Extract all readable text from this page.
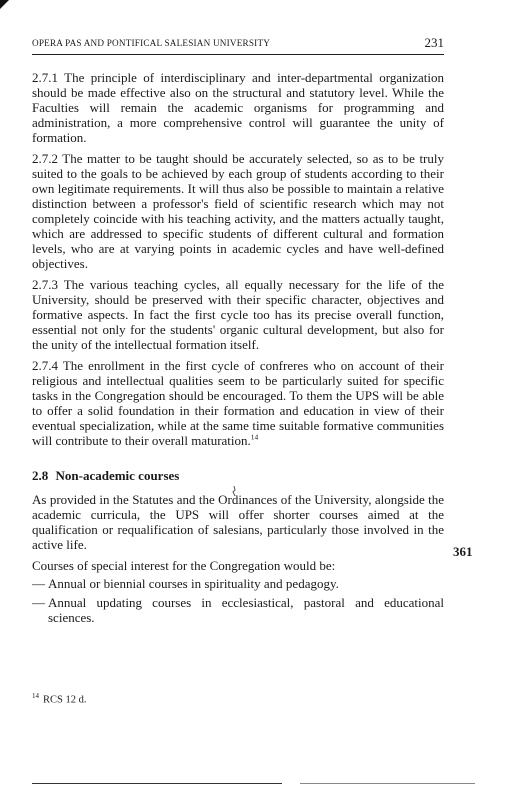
OPERA PAS AND PONTIFICAL SALESIAN UNIVERSITY	231

2.7.1 The principle of interdisciplinary and inter-departmental organization should be made effective also on the structural and statutory level. While the Faculties will remain the academic organisms for programming and administration, a more comprehensive control will guarantee the unity of formation.

2.7.2 The matter to be taught should be accurately selected, so as to be truly suited to the goals to be achieved by each group of students according to their own legitimate requirements. It will thus also be possible to maintain a relative distinction between a professor's field of scientific research which may not completely coincide with his teaching activity, and the matters actually taught, which are addressed to specific students of different cultural and formation levels, who are at varying points in academic cycles and have well-defined objectives.

2.7.3 The various teaching cycles, all equally necessary for the life of the University, should be preserved with their specific character, objectives and formative aspects. In fact the first cycle too has its precise overall function, essential not only for the students' organic cultural development, but also for the unity of the intellectual formation itself.

2.7.4 The enrollment in the first cycle of confreres who on account of their religious and intellectual qualities seem to be particularly suited for specific tasks in the Congregation should be encouraged. To them the UPS will be able to offer a solid foundation in their formation and education in view of their eventual specialization, while at the same time suitable formative communities will contribute to their overall maturation.$^{14}$

2.8 Non-academic courses

As provided in the Statutes and the Ordinances of the University, alongside the academic curricula, the UPS will offer shorter courses aimed at the qualification or requalification of salesians, particularly those involved in the active life.

Courses of special interest for the Congregation would be:

— Annual or biennial courses in spirituality and pedagogy.
— Annual updating courses in ecclesiastical, pastoral and educational sciences.
361
$^{14}$ RCS 12 d.
